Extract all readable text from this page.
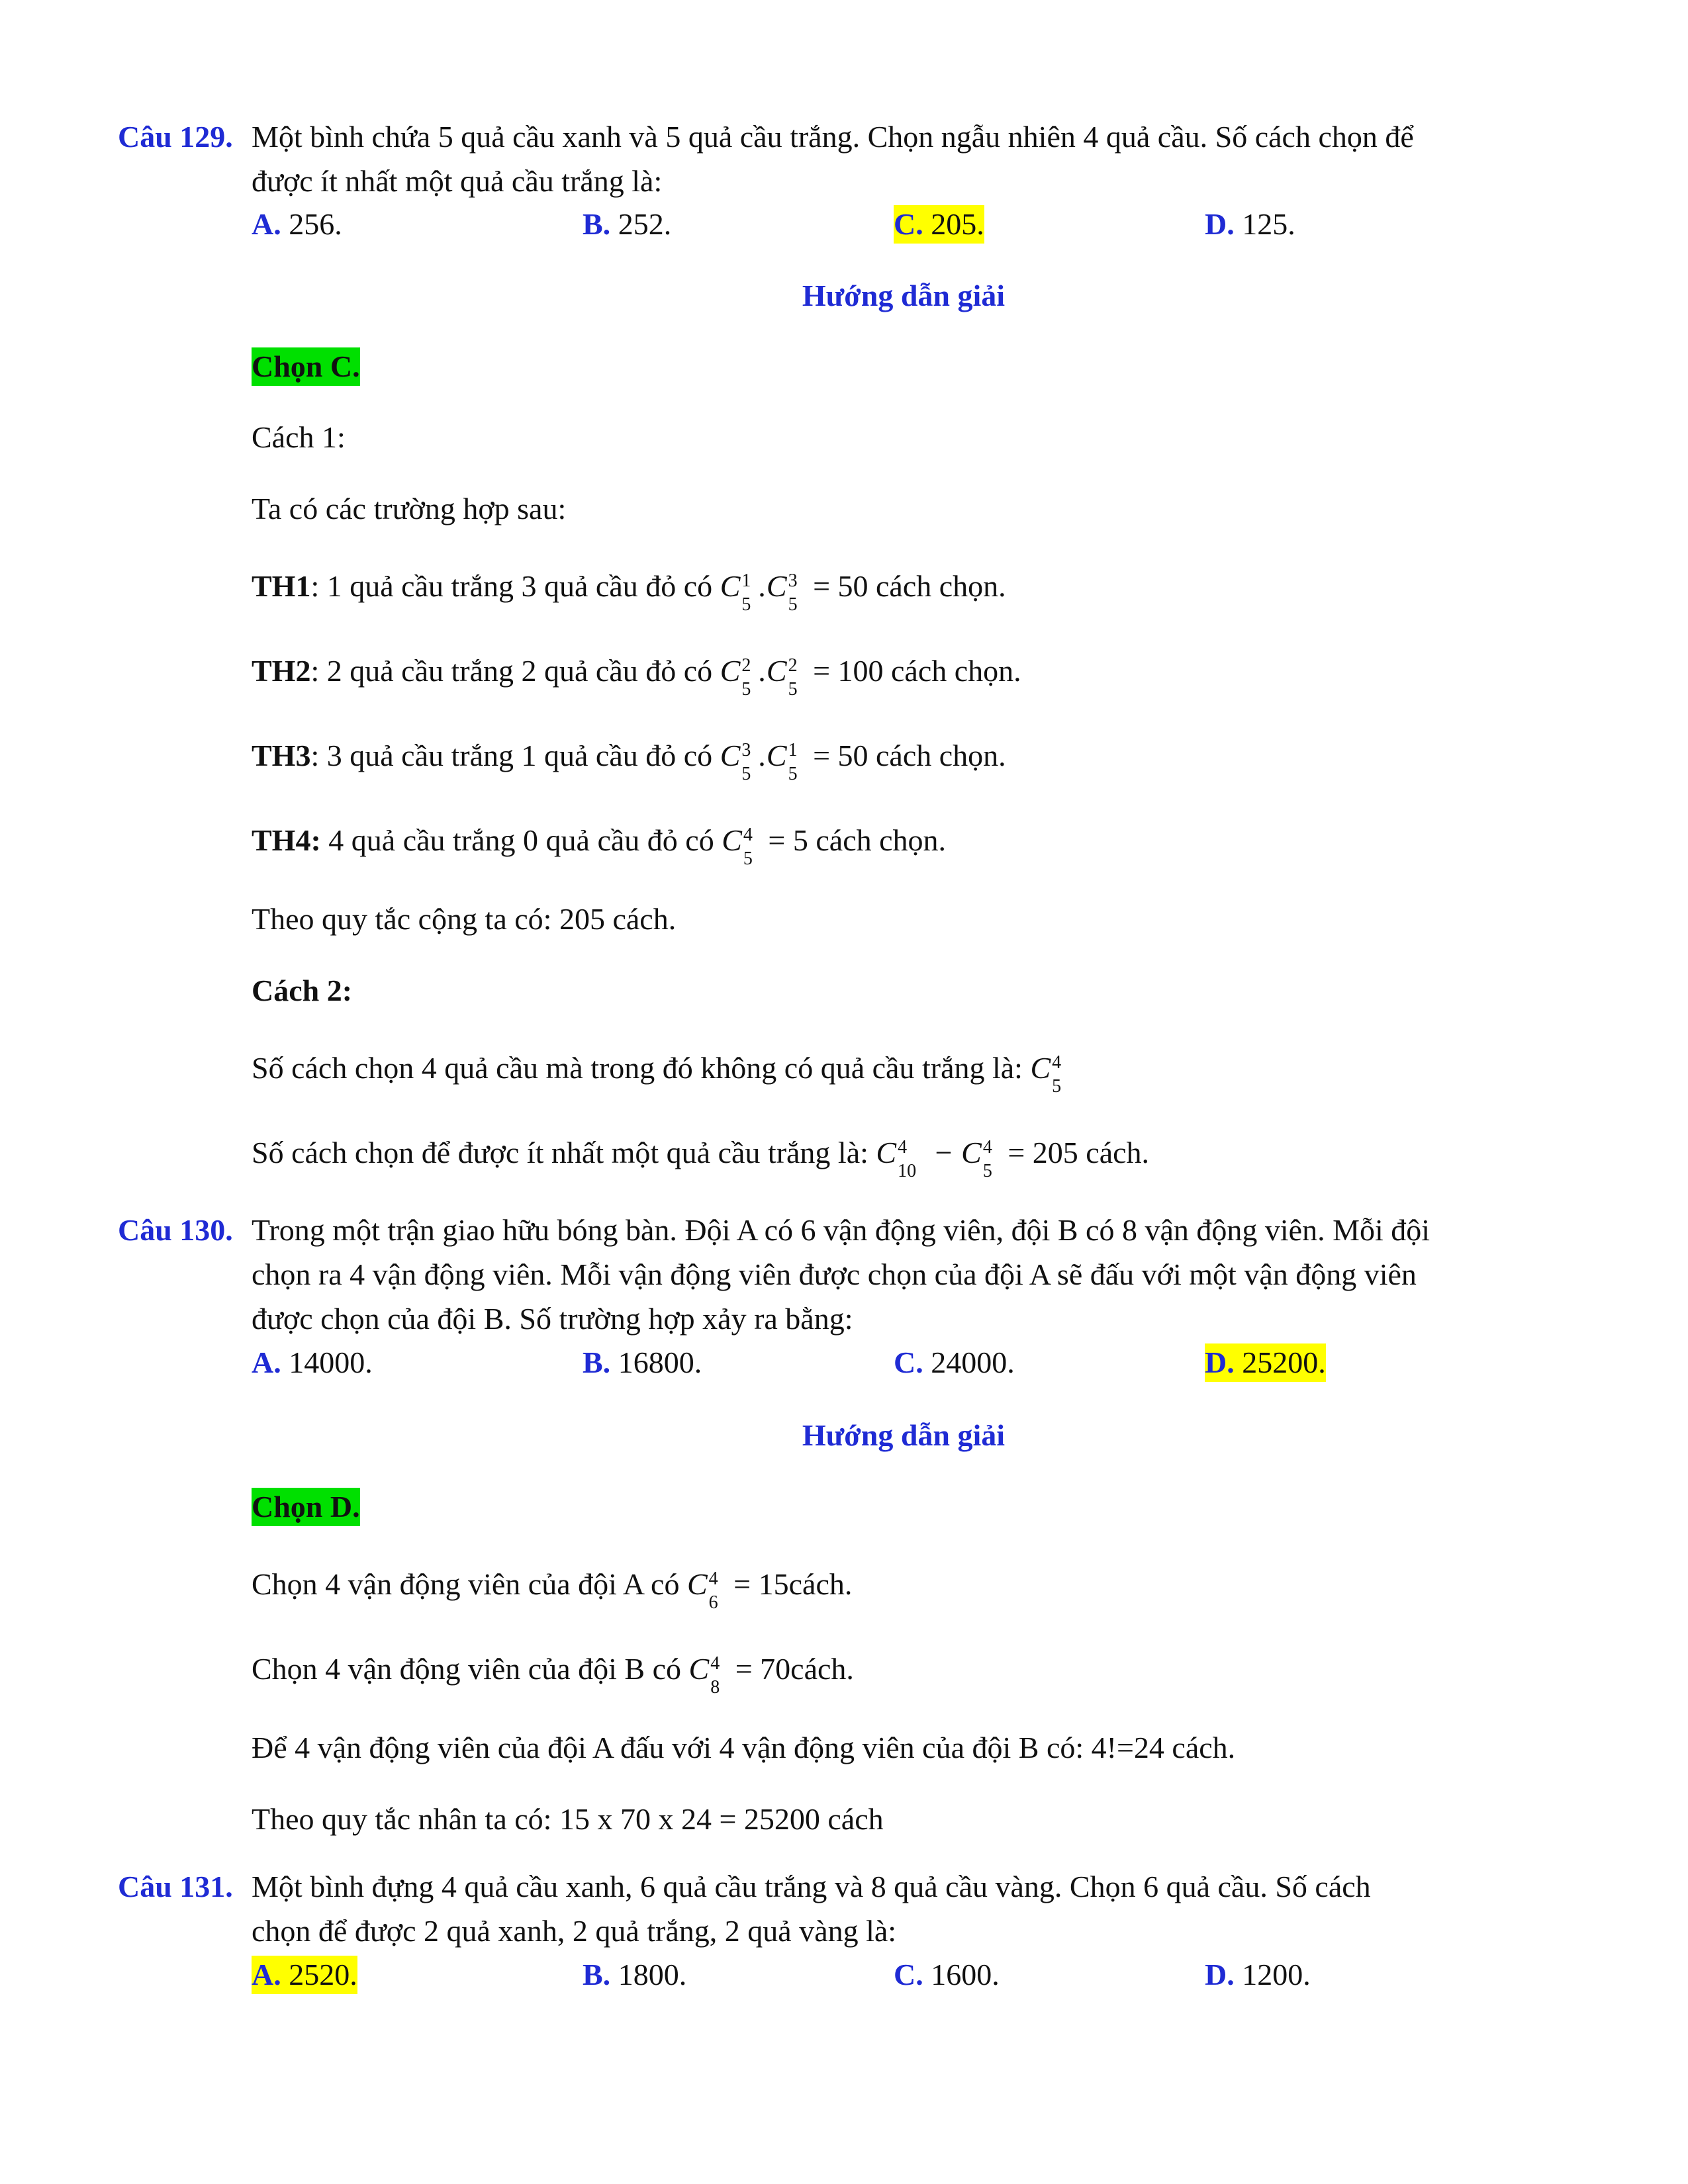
Câu 129. Một bình chứa 5 quả cầu xanh và 5 quả cầu trắng. Chọn ngẫu nhiên 4 quả cầu. Số cách chọn để
được ít nhất một quả cầu trắng là:
A. 256.	B. 252.	C. 205.	D. 125.
Hướng dẫn giải
Chọn C.
Cách 1:
Ta có các trường hợp sau:
TH1: 1 quả cầu trắng 3 quả cầu đỏ có C 1
5
.C 3
5
= 50 cách chọn.
TH2: 2 quả cầu trắng 2 quả cầu đỏ có C 2
5
.C 2
5
= 100 cách chọn.
TH3: 3 quả cầu trắng 1 quả cầu đỏ có C 3
5
.C 1
5
= 50 cách chọn.
TH4: 4 quả cầu trắng 0 quả cầu đỏ có C 4
5
= 5 cách chọn.
Theo quy tắc cộng ta có: 205 cách.
Cách 2:
Số cách chọn 4 quả cầu mà trong đó không có quả cầu trắng là: C 4
5
Số cách chọn để được ít nhất một quả cầu trắng là: C 4
10
− C 4
5
= 205 cách.
Câu 130. Trong một trận giao hữu bóng bàn. Đội A có 6 vận động viên, đội B có 8 vận động viên. Mỗi đội
chọn ra 4 vận động viên. Mỗi vận động viên được chọn của đội A sẽ đấu với một vận động viên
được chọn của đội B. Số trường hợp xảy ra bằng:
A. 14000.	B. 16800.	C. 24000.	D. 25200.
Hướng dẫn giải
Chọn D.
Chọn 4 vận động viên của đội A có C 4
6
= 15cách.
Chọn 4 vận động viên của đội B có C 4
8
= 70cách.
Để 4 vận động viên của đội A đấu với 4 vận động viên của đội B có: 4!=24 cách.
Theo quy tắc nhân ta có: 15 x 70 x 24 = 25200 cách
Câu 131. Một bình đựng 4 quả cầu xanh, 6 quả cầu trắng và 8 quả cầu vàng. Chọn 6 quả cầu. Số cách
chọn để được 2 quả xanh, 2 quả trắng, 2 quả vàng là:
A. 2520.	B. 1800.	C. 1600.	D. 1200.
